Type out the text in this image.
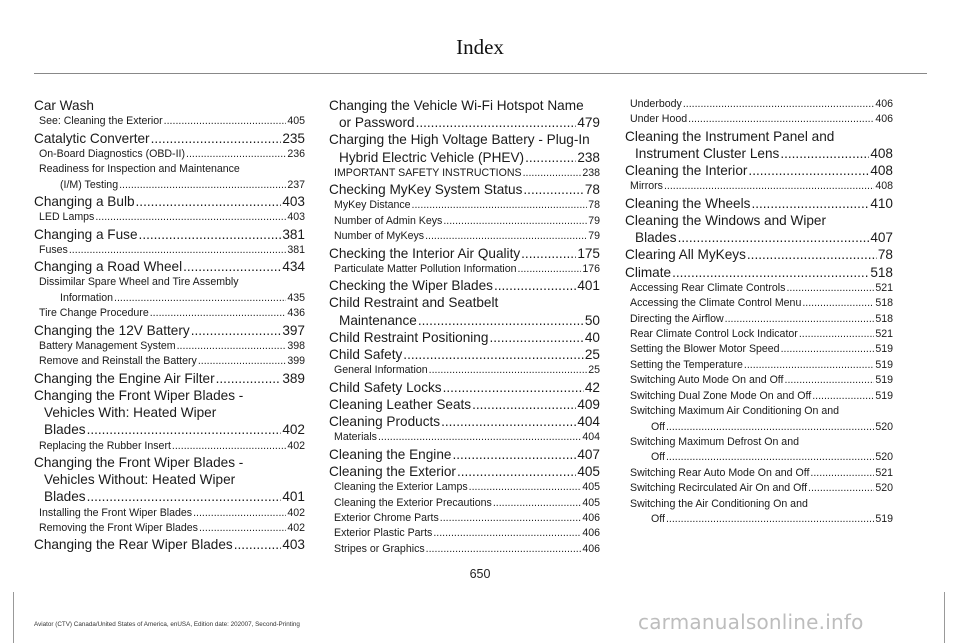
Index
Car Wash
See: Cleaning the Exterior .....	405
Catalytic Converter .....	235
On-Board Diagnostics (OBD-II) .....	236
Readiness for Inspection and Maintenance
(I/M) Testing .....	237
Changing a Bulb .....	403
LED Lamps .....	403
Changing a Fuse .....	381
Fuses .....	381
Changing a Road Wheel .....	434
Dissimilar Spare Wheel and Tire Assembly
Information .....	435
Tire Change Procedure .....	436
Changing the 12V Battery .....	397
Battery Management System .....	398
Remove and Reinstall the Battery .....	399
Changing the Engine Air Filter .....	389
Changing the Front Wiper Blades -
Vehicles With: Heated Wiper
Blades .....	402
Replacing the Rubber Insert .....	402
Changing the Front Wiper Blades -
Vehicles Without: Heated Wiper
Blades .....	401
Installing the Front Wiper Blades .....	402
Removing the Front Wiper Blades .....	402
Changing the Rear Wiper Blades .....	403
Changing the Vehicle Wi-Fi Hotspot Name
or Password .....	479
Charging the High Voltage Battery - Plug-In
Hybrid Electric Vehicle (PHEV) .....	238
IMPORTANT SAFETY INSTRUCTIONS .....	238
Checking MyKey System Status .....	78
MyKey Distance .....	78
Number of Admin Keys .....	79
Number of MyKeys .....	79
Checking the Interior Air Quality .....	175
Particulate Matter Pollution Information .....	176
Checking the Wiper Blades .....	401
Child Restraint and Seatbelt
Maintenance .....	50
Child Restraint Positioning .....	40
Child Safety .....	25
General Information .....	25
Child Safety Locks .....	42
Cleaning Leather Seats .....	409
Cleaning Products .....	404
Materials .....	404
Cleaning the Engine .....	407
Cleaning the Exterior .....	405
Cleaning the Exterior Lamps .....	405
Cleaning the Exterior Precautions .....	405
Exterior Chrome Parts .....	406
Exterior Plastic Parts .....	406
Stripes or Graphics .....	406
Underbody .....	406
Under Hood .....	406
Cleaning the Instrument Panel and
Instrument Cluster Lens .....	408
Cleaning the Interior .....	408
Mirrors .....	408
Cleaning the Wheels .....	410
Cleaning the Windows and Wiper
Blades .....	407
Clearing All MyKeys .....	78
Climate .....	518
Accessing Rear Climate Controls .....	521
Accessing the Climate Control Menu .....	518
Directing the Airflow .....	518
Rear Climate Control Lock Indicator .....	521
Setting the Blower Motor Speed .....	519
Setting the Temperature .....	519
Switching Auto Mode On and Off .....	519
Switching Dual Zone Mode On and Off .....	519
Switching Maximum Air Conditioning On and
Off .....	520
Switching Maximum Defrost On and
Off .....	520
Switching Rear Auto Mode On and Off .....	521
Switching Recirculated Air On and Off .....	520
Switching the Air Conditioning On and
Off .....	519
650
Aviator (CTV) Canada/United States of America, enUSA, Edition date: 202007, Second-Printing	carmanualsonline.info
